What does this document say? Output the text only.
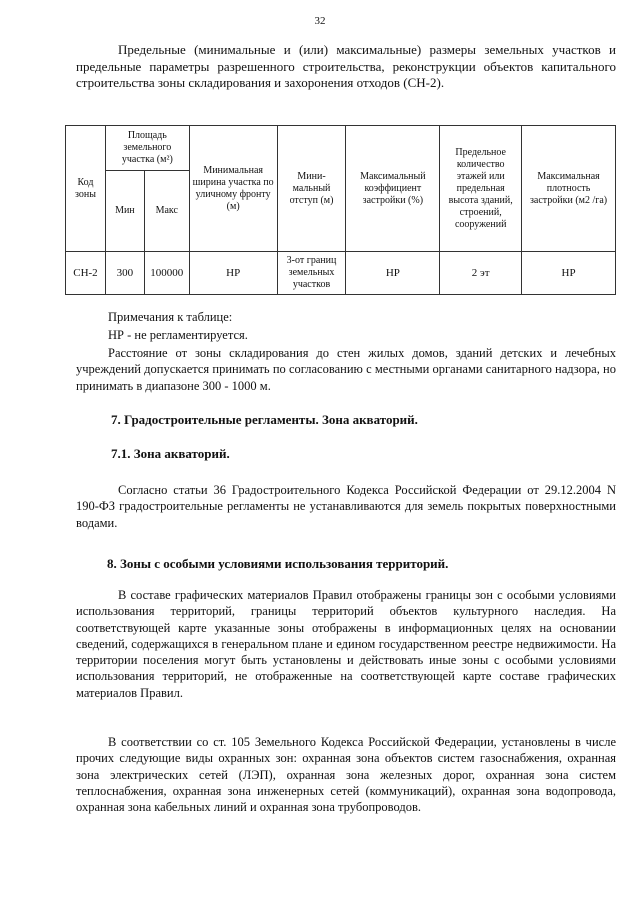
32

Предельные (минимальные и (или) максимальные) размеры земельных участков и предельные параметры разрешенного строительства, реконструкции объектов капитального строительства зоны складирования и захоронения отходов (СН-2).

Код зоны	Площадь земельного участка (м²)		Минимальная ширина участка по уличному фронту (м)	Мини-мальный отступ (м)	Максимальный коэффициент застройки (%)	Предельное количество этажей или предельная высота зданий, строений, сооружений	Максимальная плотность застройки (м2 /га)
	Мин	Макс					
СН-2	300	100000	НР	3-от границ земельных участков	НР	2 эт	НР

Примечания к таблице:

НР - не регламентируется.

Расстояние от зоны складирования до стен жилых домов, зданий детских и лечебных учреждений допускается принимать по согласованию с местными органами санитарного надзора, но принимать в диапазоне 300 - 1000 м.

7. Градостроительные регламенты. Зона акваторий.

7.1. Зона акваторий.

Согласно статьи 36 Градостроительного Кодекса Российской Федерации от 29.12.2004 N 190-ФЗ градостроительные регламенты не устанавливаются для земель покрытых поверхностными водами.

8. Зоны с особыми условиями использования территорий.

В составе графических материалов Правил отображены границы зон с особыми условиями использования территорий, границы территорий объектов культурного наследия. На соответствующей карте указанные зоны отображены в информационных целях на основании сведений, содержащихся в генеральном плане и едином государственном реестре недвижимости. На территории поселения могут быть установлены и действовать иные зоны с особыми условиями использования территорий, не отображенные на соответствующей карте составе графических материалов Правил.

В соответствии со ст. 105 Земельного Кодекса Российской Федерации, установлены в числе прочих следующие виды охранных зон: охранная зона объектов систем газоснабжения, охранная зона электрических сетей (ЛЭП), охранная зона железных дорог, охранная зона систем теплоснабжения, охранная зона инженерных сетей (коммуникаций), охранная зона водопровода, охранная зона кабельных линий и охранная зона трубопроводов.
